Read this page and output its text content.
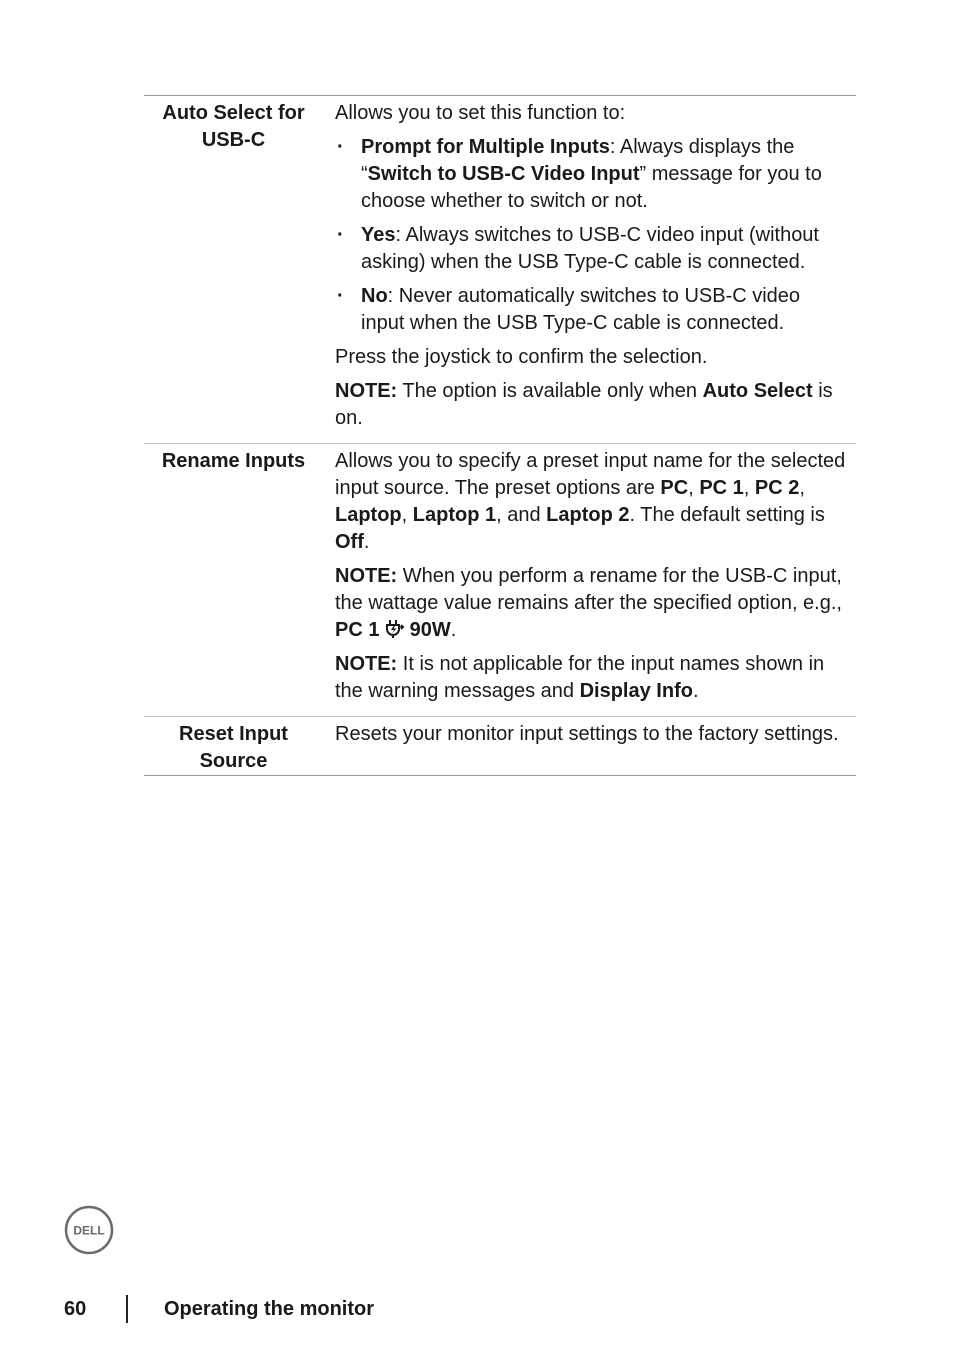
Auto Select for
USB-C

Allows you to set this function to:

· Prompt for Multiple Inputs: Always displays the “Switch to USB-C Video Input” message for you to choose whether to switch or not.
· Yes: Always switches to USB-C video input (without asking) when the USB Type-C cable is connected.
· No: Never automatically switches to USB-C video input when the USB Type-C cable is connected.

Press the joystick to confirm the selection.

NOTE: The option is available only when Auto Select is on.

Rename Inputs	Allows you to specify a preset input name for the selected input source. The preset options are PC, PC 1, PC 2, Laptop, Laptop 1, and Laptop 2. The default setting is Off.

NOTE: When you perform a rename for the USB-C input, the wattage value remains after the specified option, e.g., PC 1 90W.

NOTE: It is not applicable for the input names shown in the warning messages and Display Info.

Reset Input
Source

Resets your monitor input settings to the factory settings.

DELL
60	Operating the monitor
